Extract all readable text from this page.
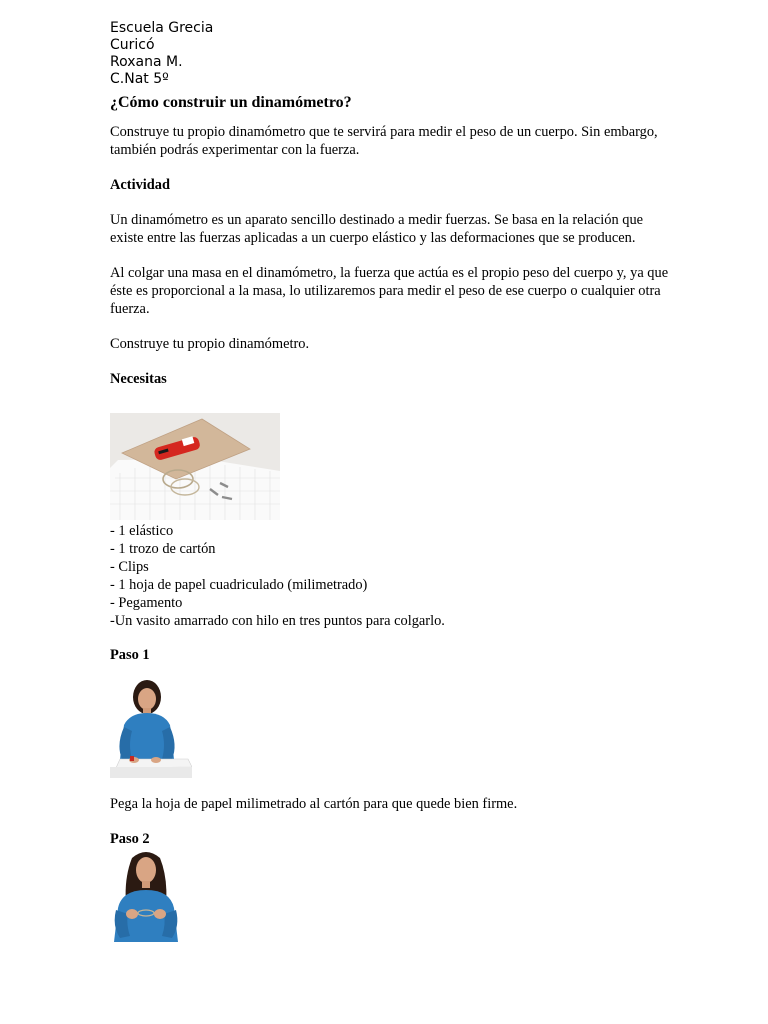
Escuela Grecia

Curicó

Roxana M.

C.Nat 5º

¿Cómo construir un dinamómetro?

Construye tu propio dinamómetro que te servirá para medir el peso de un cuerpo. Sin embargo, también podrás experimentar con la fuerza.

Actividad

Un dinamómetro es un aparato sencillo destinado a medir fuerzas. Se basa en la relación que existe entre las fuerzas aplicadas a un cuerpo elástico y las deformaciones que se producen.

Al colgar una masa en el dinamómetro, la fuerza que actúa es el propio peso del cuerpo y, ya que éste es proporcional a la masa, lo utilizaremos para medir el peso de ese cuerpo o cualquier otra fuerza.

Construye tu propio dinamómetro.

Necesitas
- 1 elástico
- 1 trozo de cartón
- Clips
- 1 hoja de papel cuadriculado (milimetrado)
- Pegamento
-Un vasito amarrado con hilo en tres puntos para colgarlo.
Paso 1

Pega la hoja de papel milimetrado al cartón para que quede bien firme.

Paso 2
